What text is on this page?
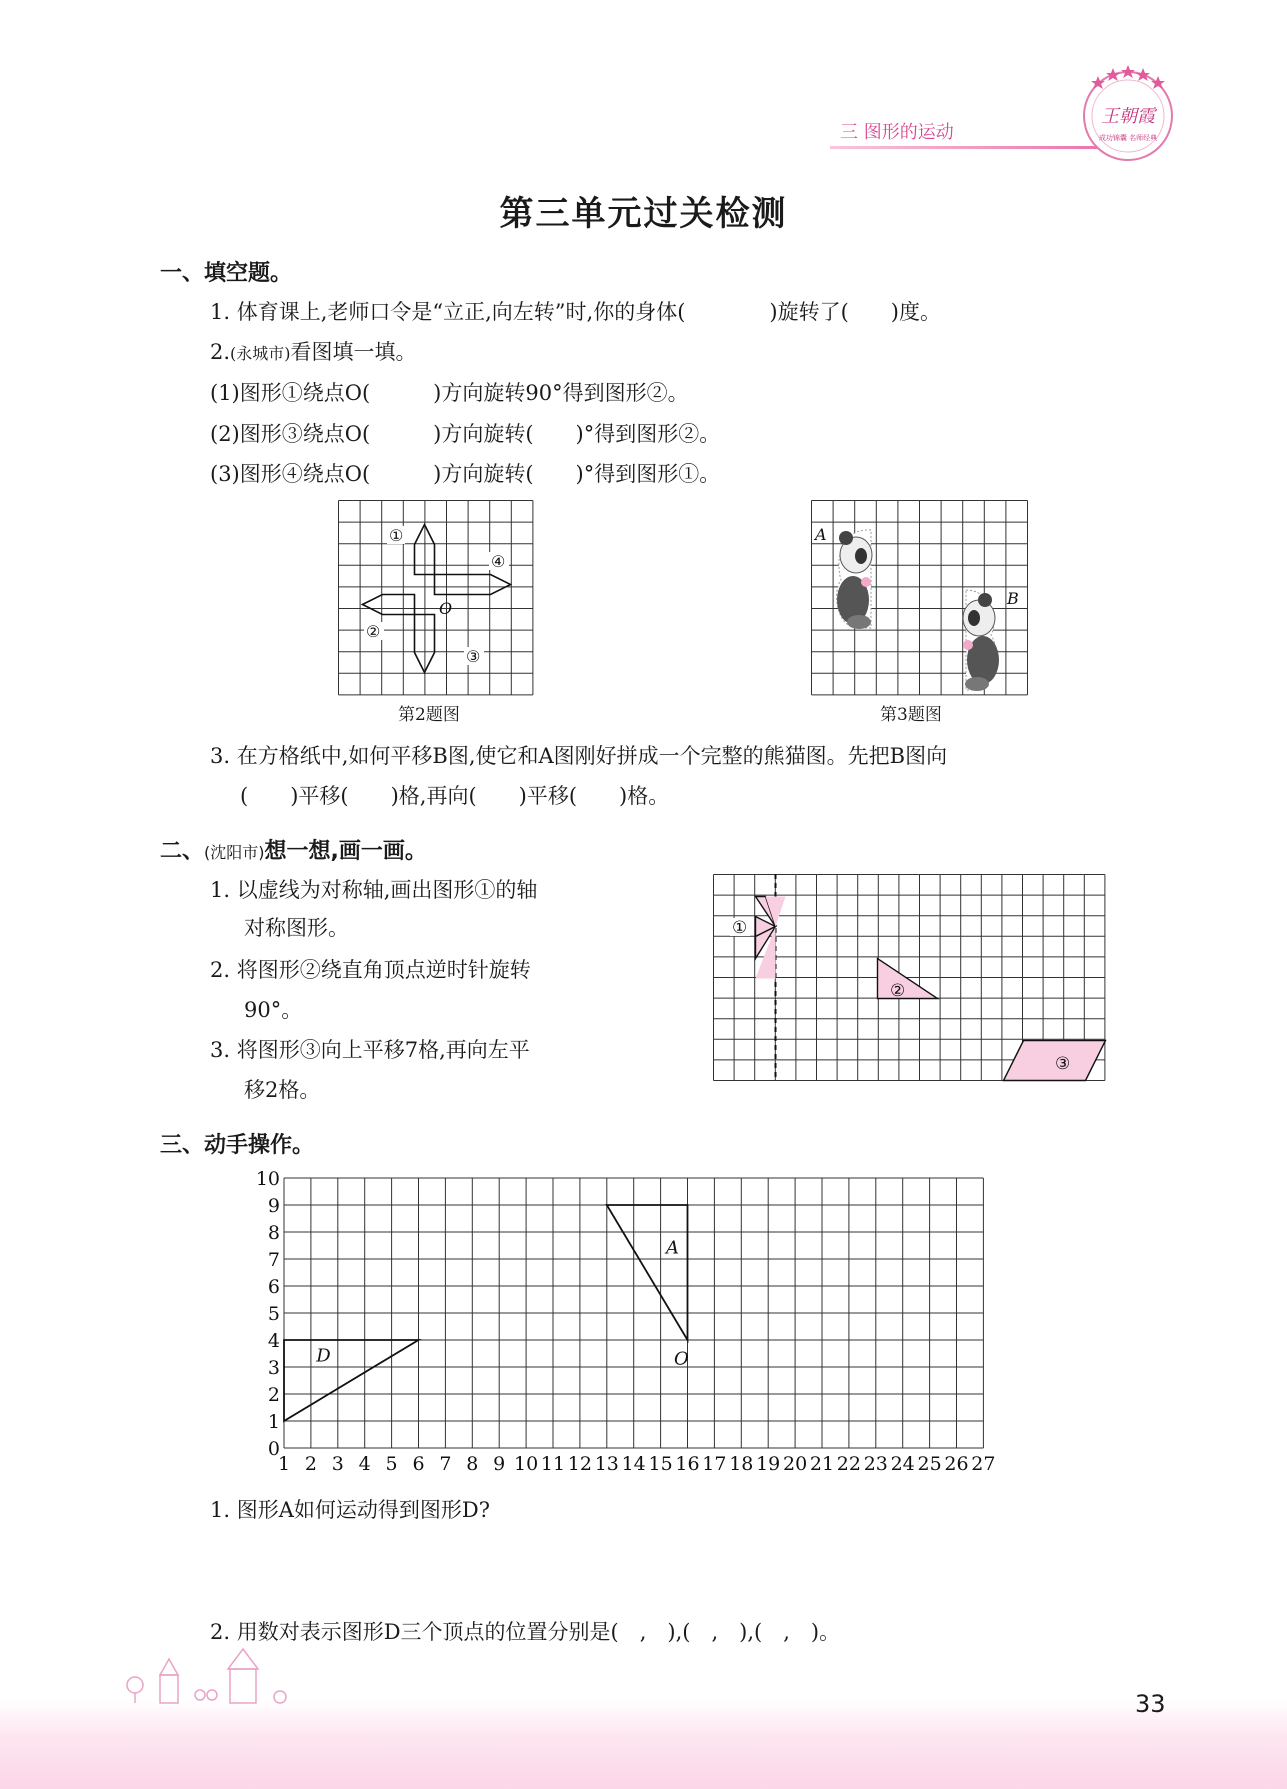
三 图形的运动
王朝霞
成功锦囊 名师经典
第三单元过关检测
一、填空题。
1. 体育课上,老师口令是“立正,向左转”时,你的身体(　　　　)旋转了(　　)度。
2.(永城市)看图填一填。
(1)图形①绕点O(　　　)方向旋转90°得到图形②。
(2)图形③绕点O(　　　)方向旋转(　　)°得到图形②。
(3)图形④绕点O(　　　)方向旋转(　　)°得到图形①。
①
④
O
②
③
第2题图
A
B
第3题图
3. 在方格纸中,如何平移B图,使它和A图刚好拼成一个完整的熊猫图。先把B图向
(　　)平移(　　)格,再向(　　)平移(　　)格。
二、(沈阳市)想一想,画一画。
1. 以虚线为对称轴,画出图形①的轴
对称图形。
2. 将图形②绕直角顶点逆时针旋转
90°。
3. 将图形③向上平移7格,再向左平
移2格。
①
②
③
三、动手操作。
0
1
2
3
4
5
6
7
8
9
10
1 2 3 4 5 6 7 8 9 10 11 12 13 14 15 16 17 18 19 20 21 22 23 24 25 26 27
A
O
D
1. 图形A如何运动得到图形D?
2. 用数对表示图形D三个顶点的位置分别是(　,　),(　,　),(　,　)。
33
